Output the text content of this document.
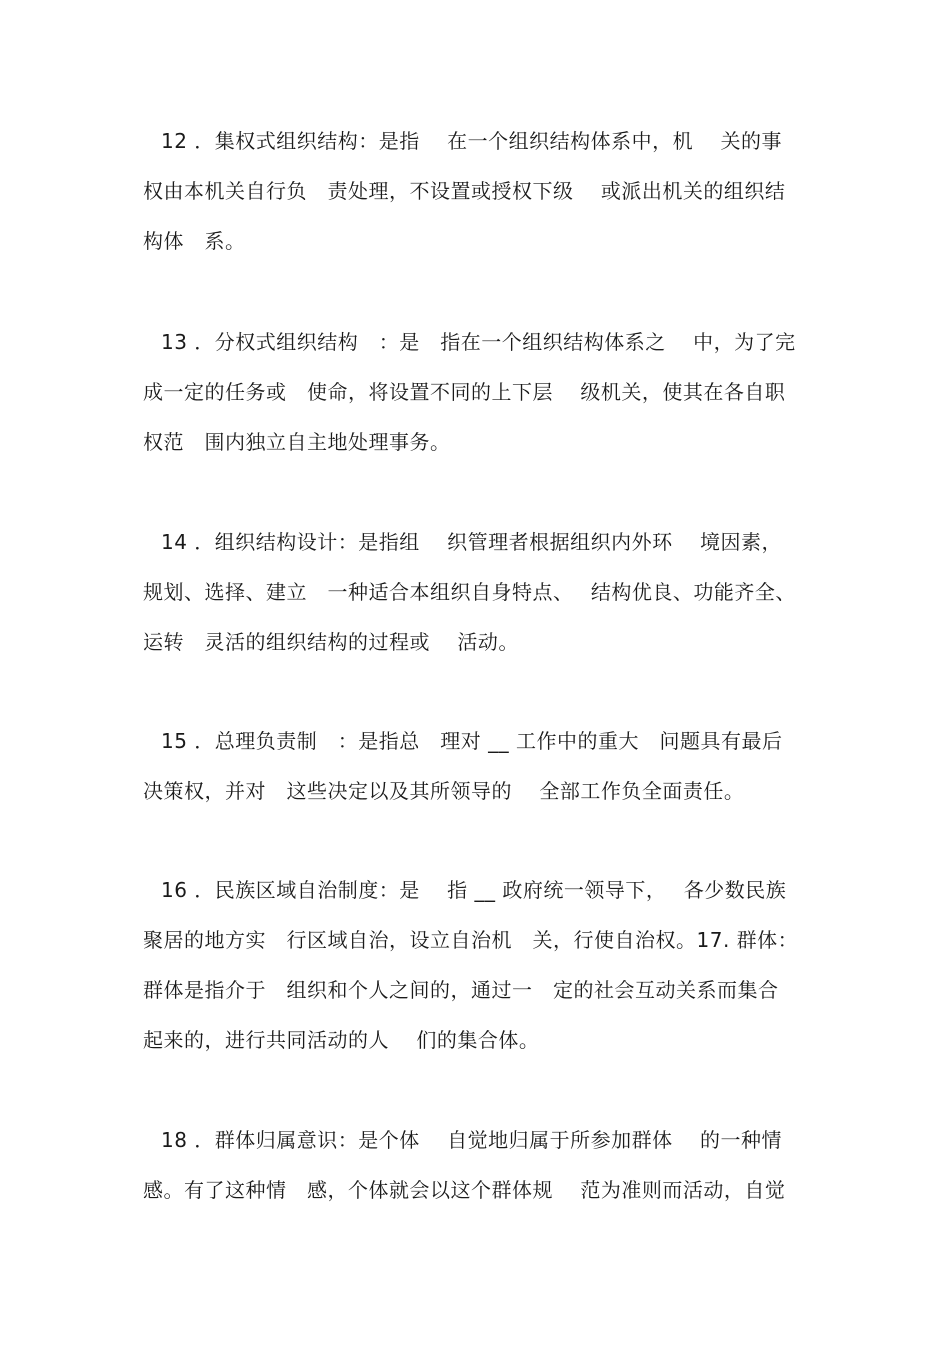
12 ．集权式组织结构：是指　 在一个组织结构体系中，机　 关的事
权由本机关自行负　责处理，不设置或授权下级　 或派出机关的组织结
构体　系。
13 ．分权式组织结构　：是　指在一个组织结构体系之　 中，为了完
成一定的任务或　使命，将设置不同的上下层　 级机关，使其在各自职
权范　围内独立自主地处理事务。
14 ．组织结构设计：是指组　 织管理者根据组织内外环　 境因素，
规划、选择、建立　一种适合本组织自身特点、　 结构优良、功能齐全、
运转　灵活的组织结构的过程或　 活动。
15 ．总理负责制　：是指总　理对 __ 工作中的重大　问题具有最后
决策权，并对　这些决定以及其所领导的　 全部工作负全面责任。
16 ．民族区域自治制度：是　 指 __ 政府统一领导下，　 各少数民族
聚居的地方实　行区域自治，设立自治机　关，行使自治权。17. 群体：
群体是指介于　组织和个人之间的，通过一　定的社会互动关系而集合
起来的，进行共同活动的人　 们的集合体。
18 ．群体归属意识：是个体　 自觉地归属于所参加群体　 的一种情
感。有了这种情　感，个体就会以这个群体规　 范为准则而活动，自觉
